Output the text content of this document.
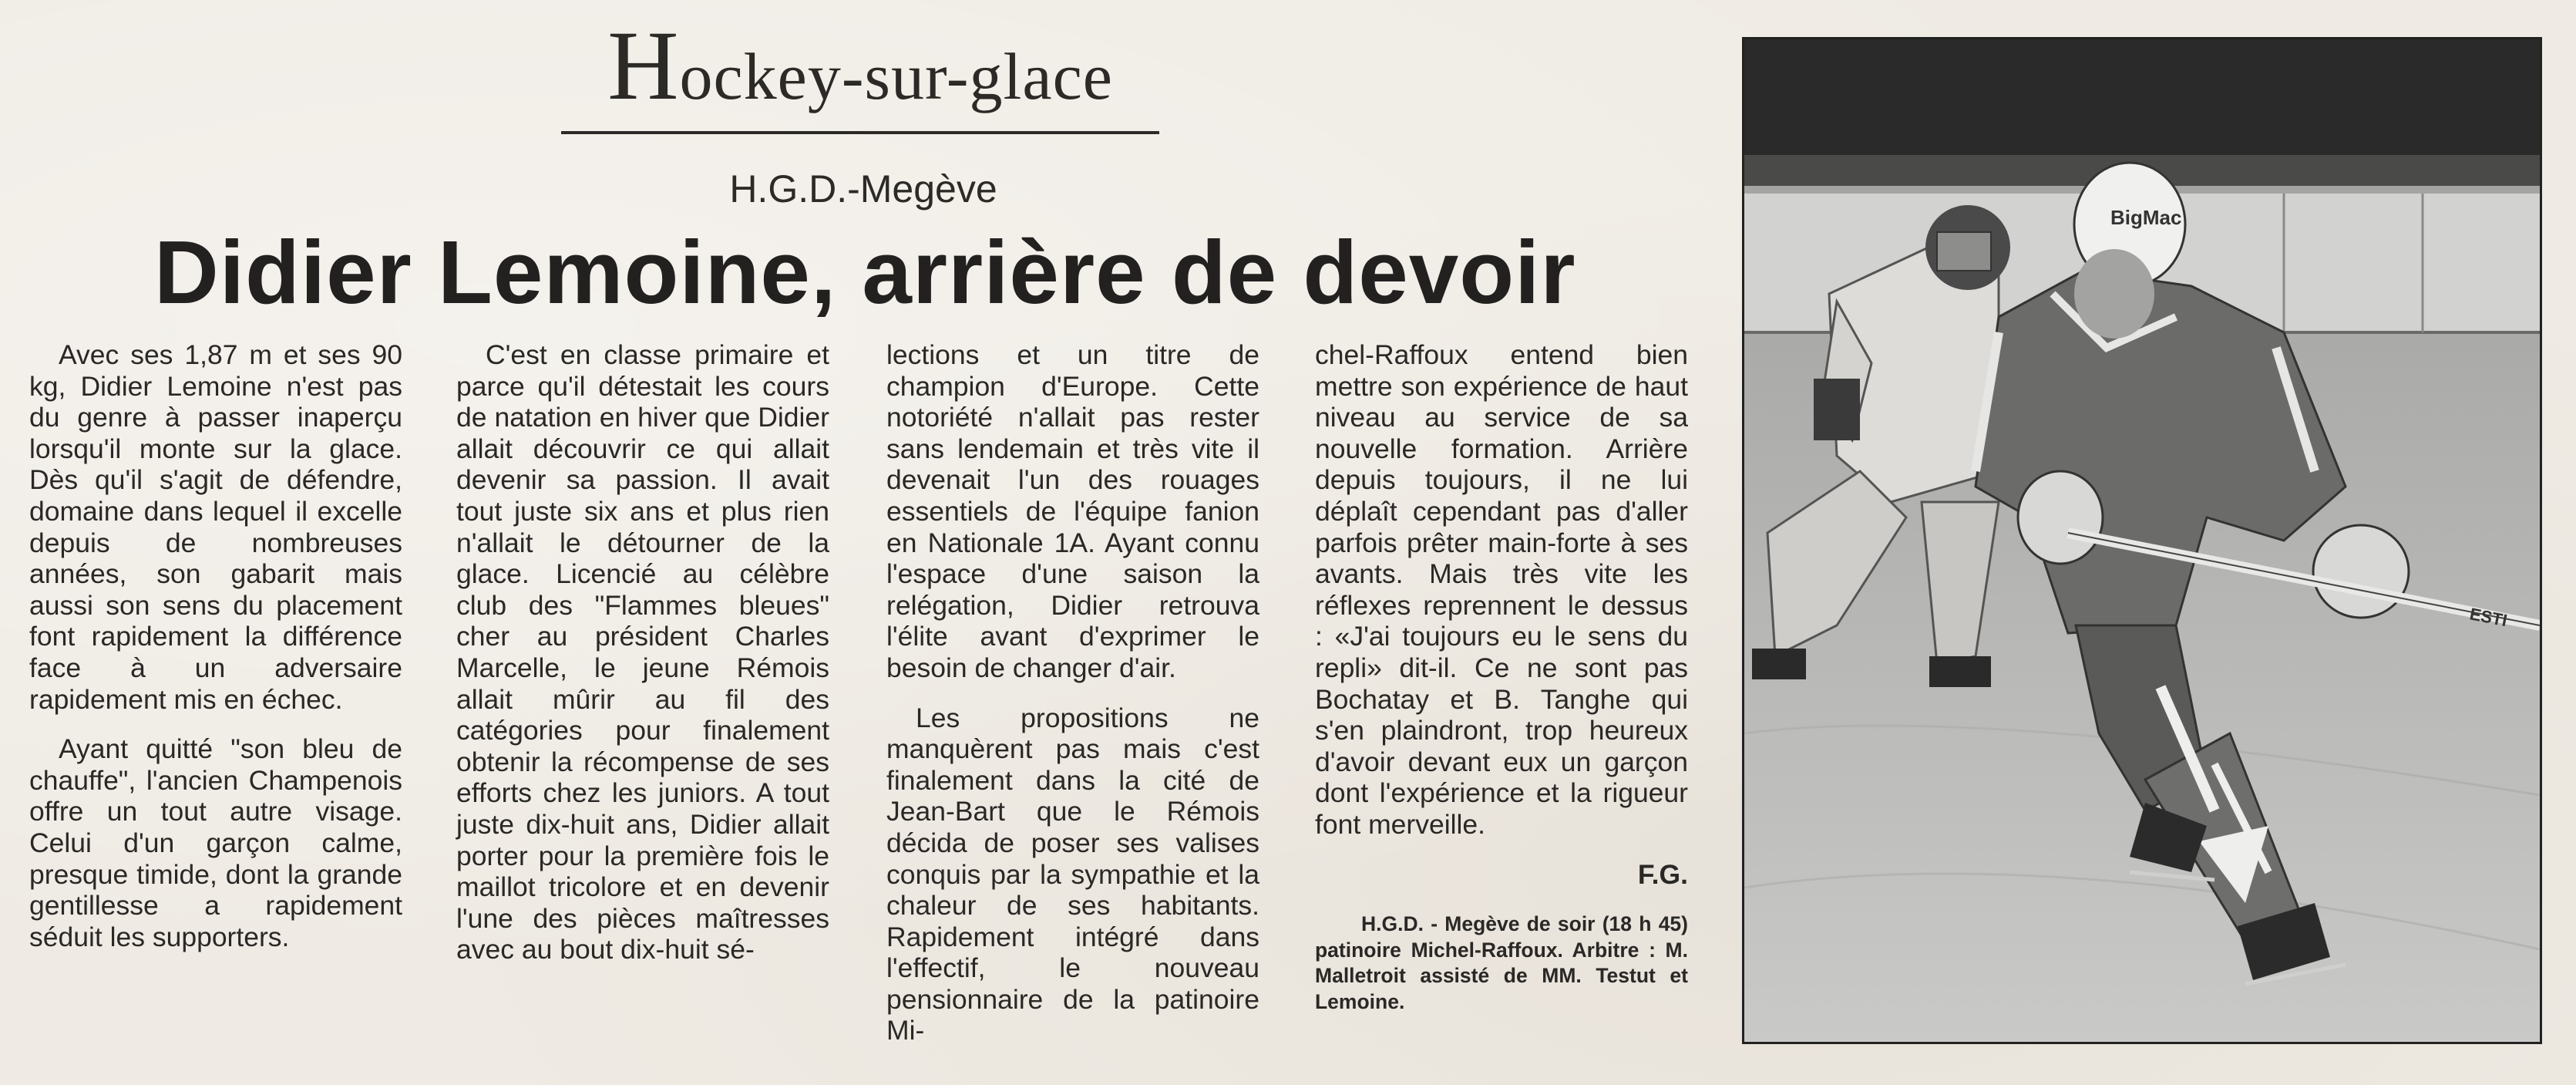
Hockey-sur-glace
H.G.D.-Megève
Didier Lemoine, arrière de devoir

Avec ses 1,87 m et ses 90 kg, Didier Lemoine n'est pas du genre à passer inaperçu lorsqu'il monte sur la glace. Dès qu'il s'agit de défendre, domaine dans lequel il excelle depuis de nombreuses années, son gabarit mais aussi son sens du placement font rapidement la différence face à un adversaire rapidement mis en échec.

Ayant quitté "son bleu de chauffe", l'ancien Champenois offre un tout autre visage. Celui d'un garçon calme, presque timide, dont la grande gentillesse a rapidement séduit les supporters.

C'est en classe primaire et parce qu'il détestait les cours de natation en hiver que Didier allait découvrir ce qui allait devenir sa passion. Il avait tout juste six ans et plus rien n'allait le détourner de la glace. Licencié au célèbre club des "Flammes bleues" cher au président Charles Marcelle, le jeune Rémois allait mûrir au fil des catégories pour finalement obtenir la récompense de ses efforts chez les juniors. A tout juste dix-huit ans, Didier allait porter pour la première fois le maillot tricolore et en devenir l'une des pièces maîtresses avec au bout dix-huit sé-

lections et un titre de champion d'Europe. Cette notoriété n'allait pas rester sans lendemain et très vite il devenait l'un des rouages essentiels de l'équipe fanion en Nationale 1A. Ayant connu l'espace d'une saison la relégation, Didier retrouva l'élite avant d'exprimer le besoin de changer d'air.

Les propositions ne manquèrent pas mais c'est finalement dans la cité de Jean-Bart que le Rémois décida de poser ses valises conquis par la sympathie et la chaleur de ses habitants. Rapidement intégré dans l'effectif, le nouveau pensionnaire de la patinoire Mi-

chel-Raffoux entend bien mettre son expérience de haut niveau au service de sa nouvelle formation. Arrière depuis toujours, il ne lui déplaît cependant pas d'aller parfois prêter main-forte à ses avants. Mais très vite les réflexes reprennent le dessus : «J'ai toujours eu le sens du repli» dit-il. Ce ne sont pas Bochatay et B. Tanghe qui s'en plaindront, trop heureux d'avoir devant eux un garçon dont l'expérience et la rigueur font merveille.

F.G.

H.G.D. - Megève de soir (18 h 45) patinoire Michel-Raffoux. Arbitre : M. Malletroit assisté de MM. Testut et Lemoine.

BigMac
ESTI
